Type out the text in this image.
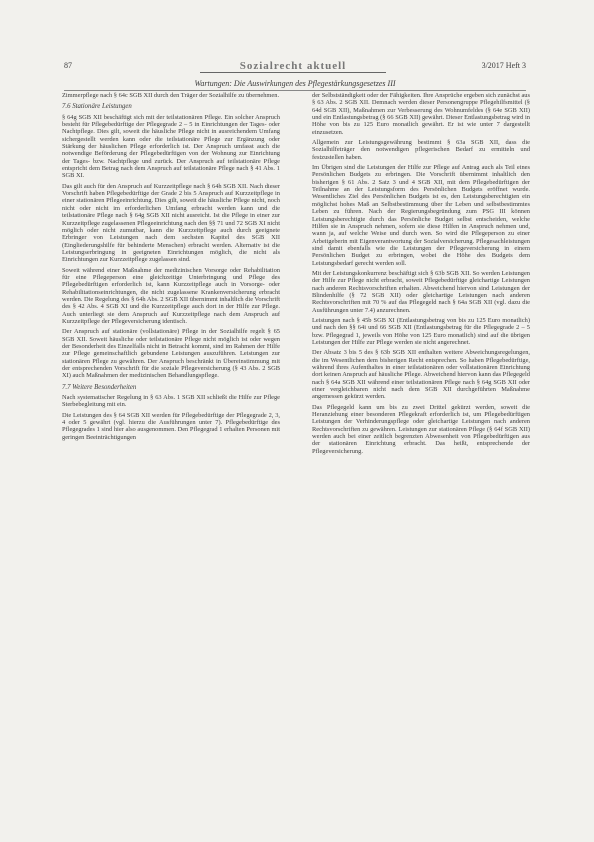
87	Sozialrecht aktuell	3/2017 Heft 3
Wartungen: Die Auswirkungen des Pflegestärkungsgesetzes III

Zimmerpflege nach § 64c SGB XII durch den Träger der Sozialhilfe zu übernehmen.

7.6 Stationäre Leistungen

§ 64g SGB XII beschäftigt sich mit der teilstationären Pflege. Ein solcher Anspruch besteht für Pflegebedürftige der Pflegegrade 2 – 5 in Einrichtungen der Tages- oder Nachtpflege. Dies gilt, soweit die häusliche Pflege nicht in ausreichendem Umfang sichergestellt werden kann oder die teilstationäre Pflege zur Ergänzung oder Stärkung der häuslichen Pflege erforderlich ist. Der Anspruch umfasst auch die notwendige Beförderung der Pflegebedürftigen von der Wohnung zur Einrichtung der Tages- bzw. Nachtpflege und zurück. Der Anspruch auf teilstationäre Pflege entspricht dem Betrag nach dem Anspruch auf teilstationäre Pflege nach § 41 Abs. 1 SGB XI.

Das gilt auch für den Anspruch auf Kurzzeitpflege nach § 64h SGB XII. Nach dieser Vorschrift haben Pflegebedürftige der Grade 2 bis 5 Anspruch auf Kurzzeitpflege in einer stationären Pflegeeinrichtung. Dies gilt, soweit die häusliche Pflege nicht, noch nicht oder nicht im erforderlichen Umfang erbracht werden kann und die teilstationäre Pflege nach § 64g SGB XII nicht ausreicht. Ist die Pflege in einer zur Kurzzeitpflege zugelassenen Pflegeeinrichtung nach den §§ 71 und 72 SGB XI nicht möglich oder nicht zumutbar, kann die Kurzzeitpflege auch durch geeignete Erbringer von Leistungen nach dem sechsten Kapitel des SGB XII (Eingliederungshilfe für behinderte Menschen) erbracht werden. Alternativ ist die Leistungserbringung in geeigneten Einrichtungen möglich, die nicht als Einrichtungen zur Kurzzeitpflege zugelassen sind.

Soweit während einer Maßnahme der medizinischen Vorsorge oder Rehabilitation für eine Pflegeperson eine gleichzeitige Unterbringung und Pflege des Pflegebedürftigen erforderlich ist, kann Kurzzeitpflege auch in Vorsorge- oder Rehabilitationseinrichtungen, die nicht zugelassene Krankenversicherung erbracht werden. Die Regelung des § 64h Abs. 2 SGB XII übernimmt inhaltlich die Vorschrift des § 42 Abs. 4 SGB XI und die Kurzzeitpflege auch dort in der Hilfe zur Pflege. Auch unterliegt sie dem Anspruch auf Kurzzeitpflege nach dem Anspruch auf Kurzzeitpflege der Pflegeversicherung identisch.

Der Anspruch auf stationäre (vollstationäre) Pflege in der Sozialhilfe regelt § 65 SGB XII. Soweit häusliche oder teilstationäre Pflege nicht möglich ist oder wegen der Besonderheit des Einzelfalls nicht in Betracht kommt, sind im Rahmen der Hilfe zur Pflege gemeinschaftlich gebundene Leistungen auszuführen. Leistungen zur stationären Pflege zu gewähren. Der Anspruch beschränkt in Übereinstimmung mit der entsprechenden Vorschrift für die soziale Pflegeversicherung (§ 43 Abs. 2 SGB XI) auch Maßnahmen der medizinischen Behandlungspflege.

7.7 Weitere Besonderheiten

Nach systematischer Regelung in § 63 Abs. 1 SGB XII schließt die Hilfe zur Pflege Sterbebegleitung mit ein.

Die Leistungen des § 64 SGB XII werden für Pflegebedürftige der Pflegegrade 2, 3, 4 oder 5 gewährt (vgl. hierzu die Ausführungen unter 7). Pflegebedürftige des Pflegegrades 1 sind hier also ausgenommen. Den Pflegegrad 1 erhalten Personen mit geringen Beeinträchtigungen

der Selbstständigkeit oder der Fähigkeiten. Ihre Ansprüche ergeben sich zunächst aus § 63 Abs. 2 SGB XII. Demnach werden dieser Personengruppe Pflegehilfsmittel (§ 64d SGB XII), Maßnahmen zur Verbesserung des Wohnumfeldes (§ 64e SGB XII) und ein Entlastungsbetrag (§ 66 SGB XII) gewährt. Dieser Entlastungsbetrag wird in Höhe von bis zu 125 Euro monatlich gewährt. Er ist wie unter 7 dargestellt einzusetzen.

Allgemein zur Leistungsgewährung bestimmt § 63a SGB XII, dass die Sozialhilfeträger den notwendigen pflegerischen Bedarf zu ermitteln und festzustellen haben.

Im Übrigen sind die Leistungen der Hilfe zur Pflege auf Antrag auch als Teil eines Persönlichen Budgets zu erbringen. Die Vorschrift übernimmt inhaltlich den bisherigen § 61 Abs. 2 Satz 3 und 4 SGB XII, mit dem Pflegebedürftigen der Teilnahme an der Leistungsform des Persönlichen Budgets eröffnet wurde. Wesentliches Ziel des Persönlichen Budgets ist es, den Leistungsberechtigten ein möglichst hohes Maß an Selbstbestimmung über ihr Leben und selbstbestimmtes Leben zu führen. Nach der Regierungsbegründung zum PSG III können Leistungsberechtigte durch das Persönliche Budget selbst entscheiden, welche Hilfen sie in Anspruch nehmen, sofern sie diese Hilfen in Anspruch nehmen und, wann ja, auf welche Weise und durch wen. So wird die Pflegeperson zu einer Arbeitgeberin mit Eigenverantwortung der Sozialversicherung. Pflegesachleistungen sind damit ebenfalls wie die Leistungen der Pflegeversicherung in einem Persönlichen Budget zu erbringen, wobei die Höhe des Budgets dem Leistungsbedarf gerecht werden soll.

Mit der Leistungskonkurrenz beschäftigt sich § 63b SGB XII. So werden Leistungen der Hilfe zur Pflege nicht erbracht, soweit Pflegebedürftige gleichartige Leistungen nach anderen Rechtsvorschriften erhalten. Abweichend hiervon sind Leistungen der Blindenhilfe (§ 72 SGB XII) oder gleichartige Leistungen nach anderen Rechtsvorschriften mit 70 % auf das Pflegegeld nach § 64a SGB XII (vgl. dazu die Ausführungen unter 7.4) anzurechnen.

Leistungen nach § 45b SGB XI (Entlastungsbetrag von bis zu 125 Euro monatlich) und nach den §§ 64i und 66 SGB XII (Entlastungsbetrag für die Pflegegrade 2 – 5 bzw. Pflegegrad 1, jeweils von Höhe von 125 Euro monatlich) sind auf die übrigen Leistungen der Hilfe zur Pflege werden sie nicht angerechnet.

Der Absatz 3 bis 5 des § 63b SGB XII enthalten weitere Abweichungsregelungen, die im Wesentlichen dem bisherigen Recht entsprechen. So haben Pflegebedürftige, während ihres Aufenthaltes in einer teilstationären oder vollstationären Einrichtung dort keinen Anspruch auf häusliche Pflege. Abweichend hiervon kann das Pflegegeld nach § 64a SGB XII während einer teilstationären Pflege nach § 64g SGB XII oder einer vergleichbaren nicht nach dem SGB XII durchgeführten Maßnahme angemessen gekürzt werden.

Das Pflegegeld kann um bis zu zwei Drittel gekürzt werden, soweit die Heranziehung einer besonderen Pflegekraft erforderlich ist, um Pflegebedürftigen Leistungen der Verhinderungspflege oder gleichartige Leistungen nach anderen Rechtsvorschriften zu gewähren. Leistungen zur stationären Pflege (§ 64f SGB XII) werden auch bei einer zeitlich begrenzten Abwesenheit von Pflegebedürftigen aus der stationären Einrichtung erbracht. Das heißt, entsprechende der Pflegeversicherung.
